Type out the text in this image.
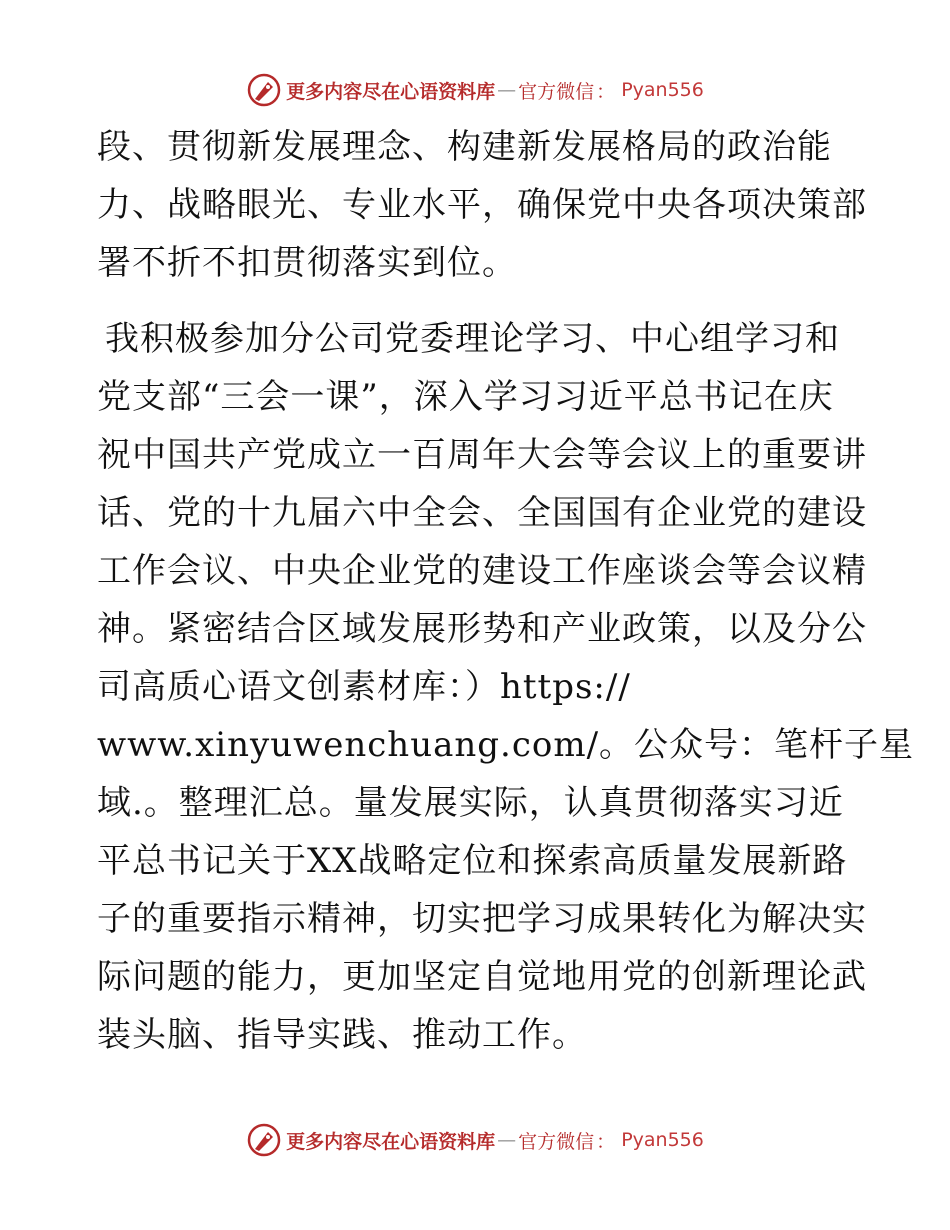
更多内容尽在心语资料库 — 官方微信 ： Pyan556

段、贯彻新发展理念、构建新发展格局的政治能
力、战略眼光、专业水平，确保党中央各项决策部
署不折不扣贯彻落实到位。

我积极参加分公司党委理论学习、中心组学习和
党支部“三会一课”，深入学习习近平总书记在庆
祝中国共产党成立一百周年大会等会议上的重要讲
话、党的十九届六中全会、全国国有企业党的建设
工作会议、中央企业党的建设工作座谈会等会议精
神。紧密结合区域发展形势和产业政策，以及分公
司高质心语文创素材库：）https://
www.xinyuwenchuang.com/。公众号：笔杆子星
域.。整理汇总。量发展实际，认真贯彻落实习近
平总书记关于XX战略定位和探索高质量发展新路
子的重要指示精神，切实把学习成果转化为解决实
际问题的能力，更加坚定自觉地用党的创新理论武
装头脑、指导实践、推动工作。

更多内容尽在心语资料库 — 官方微信 ： Pyan556
